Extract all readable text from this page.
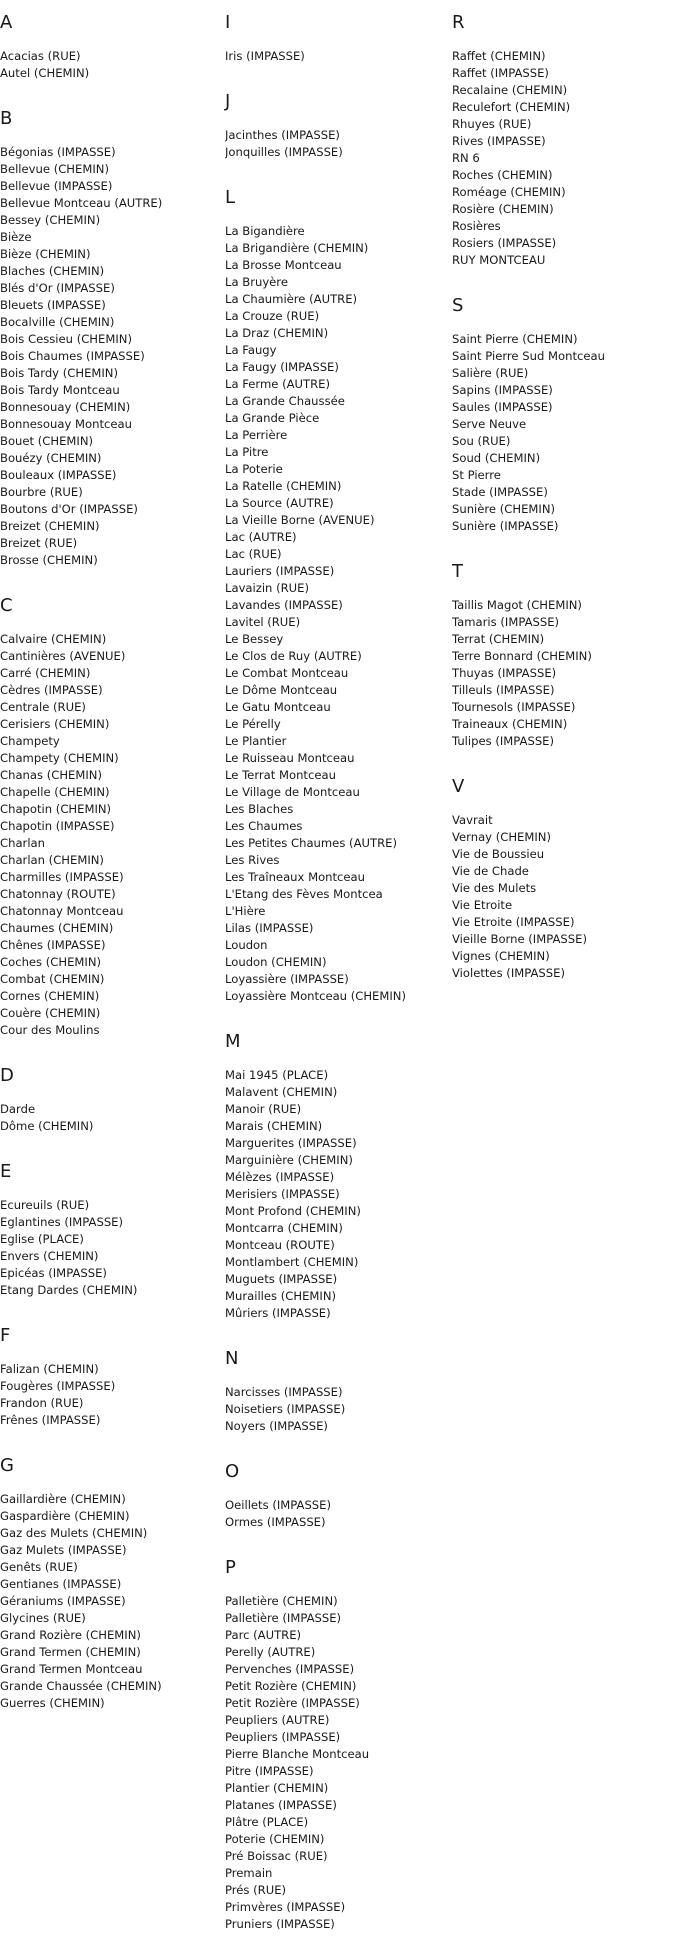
A
Acacias (RUE)
Autel (CHEMIN)
B
Bégonias (IMPASSE)
Bellevue (CHEMIN)
Bellevue (IMPASSE)
Bellevue Montceau (AUTRE)
Bessey (CHEMIN)
Bièze
Bièze (CHEMIN)
Blaches (CHEMIN)
Blés d'Or (IMPASSE)
Bleuets (IMPASSE)
Bocalville (CHEMIN)
Bois Cessieu (CHEMIN)
Bois Chaumes (IMPASSE)
Bois Tardy (CHEMIN)
Bois Tardy Montceau
Bonnesouay (CHEMIN)
Bonnesouay Montceau
Bouet (CHEMIN)
Bouézy (CHEMIN)
Bouleaux (IMPASSE)
Bourbre (RUE)
Boutons d'Or (IMPASSE)
Breizet (CHEMIN)
Breizet (RUE)
Brosse (CHEMIN)
C
Calvaire (CHEMIN)
Cantinières (AVENUE)
Carré (CHEMIN)
Cèdres (IMPASSE)
Centrale (RUE)
Cerisiers (CHEMIN)
Champety
Champety (CHEMIN)
Chanas (CHEMIN)
Chapelle (CHEMIN)
Chapotin (CHEMIN)
Chapotin (IMPASSE)
Charlan
Charlan (CHEMIN)
Charmilles (IMPASSE)
Chatonnay (ROUTE)
Chatonnay Montceau
Chaumes (CHEMIN)
Chênes (IMPASSE)
Coches (CHEMIN)
Combat (CHEMIN)
Cornes (CHEMIN)
Couère (CHEMIN)
Cour des Moulins
D
Darde
Dôme (CHEMIN)
E
Ecureuils (RUE)
Eglantines (IMPASSE)
Eglise (PLACE)
Envers (CHEMIN)
Epicéas (IMPASSE)
Etang Dardes (CHEMIN)
F
Falizan (CHEMIN)
Fougères (IMPASSE)
Frandon (RUE)
Frênes (IMPASSE)
G
Gaillardière (CHEMIN)
Gaspardière (CHEMIN)
Gaz des Mulets (CHEMIN)
Gaz Mulets (IMPASSE)
Genêts (RUE)
Gentianes (IMPASSE)
Géraniums (IMPASSE)
Glycines (RUE)
Grand Rozière (CHEMIN)
Grand Termen (CHEMIN)
Grand Termen Montceau
Grande Chaussée (CHEMIN)
Guerres (CHEMIN)
I
Iris (IMPASSE)
J
Jacinthes (IMPASSE)
Jonquilles (IMPASSE)
L
La Bigandière
La Brigandière (CHEMIN)
La Brosse Montceau
La Bruyère
La Chaumière (AUTRE)
La Crouze (RUE)
La Draz (CHEMIN)
La Faugy
La Faugy (IMPASSE)
La Ferme (AUTRE)
La Grande Chaussée
La Grande Pièce
La Perrière
La Pitre
La Poterie
La Ratelle (CHEMIN)
La Source (AUTRE)
La Vieille Borne (AVENUE)
Lac (AUTRE)
Lac (RUE)
Lauriers (IMPASSE)
Lavaizin (RUE)
Lavandes (IMPASSE)
Lavitel (RUE)
Le Bessey
Le Clos de Ruy (AUTRE)
Le Combat Montceau
Le Dôme Montceau
Le Gatu Montceau
Le Pérelly
Le Plantier
Le Ruisseau Montceau
Le Terrat Montceau
Le Village de Montceau
Les Blaches
Les Chaumes
Les Petites Chaumes (AUTRE)
Les Rives
Les Traîneaux Montceau
L'Etang des Fèves Montcea
L'Hière
Lilas (IMPASSE)
Loudon
Loudon (CHEMIN)
Loyassière (IMPASSE)
Loyassière Montceau (CHEMIN)
M
Mai 1945 (PLACE)
Malavent (CHEMIN)
Manoir (RUE)
Marais (CHEMIN)
Marguerites (IMPASSE)
Marguinière (CHEMIN)
Mélèzes (IMPASSE)
Merisiers (IMPASSE)
Mont Profond (CHEMIN)
Montcarra (CHEMIN)
Montceau (ROUTE)
Montlambert (CHEMIN)
Muguets (IMPASSE)
Murailles (CHEMIN)
Mûriers (IMPASSE)
N
Narcisses (IMPASSE)
Noisetiers (IMPASSE)
Noyers (IMPASSE)
O
Oeillets (IMPASSE)
Ormes (IMPASSE)
P
Palletière (CHEMIN)
Palletière (IMPASSE)
Parc (AUTRE)
Perelly (AUTRE)
Pervenches (IMPASSE)
Petit Rozière (CHEMIN)
Petit Rozière (IMPASSE)
Peupliers (AUTRE)
Peupliers (IMPASSE)
Pierre Blanche Montceau
Pitre (IMPASSE)
Plantier (CHEMIN)
Platanes (IMPASSE)
Plâtre (PLACE)
Poterie (CHEMIN)
Pré Boissac (RUE)
Premain
Prés (RUE)
Primvères (IMPASSE)
Pruniers (IMPASSE)
R
Raffet (CHEMIN)
Raffet (IMPASSE)
Recalaine (CHEMIN)
Reculefort (CHEMIN)
Rhuyes (RUE)
Rives (IMPASSE)
RN 6
Roches (CHEMIN)
Roméage (CHEMIN)
Rosière (CHEMIN)
Rosières
Rosiers (IMPASSE)
RUY MONTCEAU
S
Saint Pierre (CHEMIN)
Saint Pierre Sud Montceau
Salière (RUE)
Sapins (IMPASSE)
Saules (IMPASSE)
Serve Neuve
Sou (RUE)
Soud (CHEMIN)
St Pierre
Stade (IMPASSE)
Sunière (CHEMIN)
Sunière (IMPASSE)
T
Taillis Magot (CHEMIN)
Tamaris (IMPASSE)
Terrat (CHEMIN)
Terre Bonnard (CHEMIN)
Thuyas (IMPASSE)
Tilleuls (IMPASSE)
Tournesols (IMPASSE)
Traineaux (CHEMIN)
Tulipes (IMPASSE)
V
Vavrait
Vernay (CHEMIN)
Vie de Boussieu
Vie de Chade
Vie des Mulets
Vie Etroite
Vie Etroite (IMPASSE)
Vieille Borne (IMPASSE)
Vignes (CHEMIN)
Violettes (IMPASSE)
